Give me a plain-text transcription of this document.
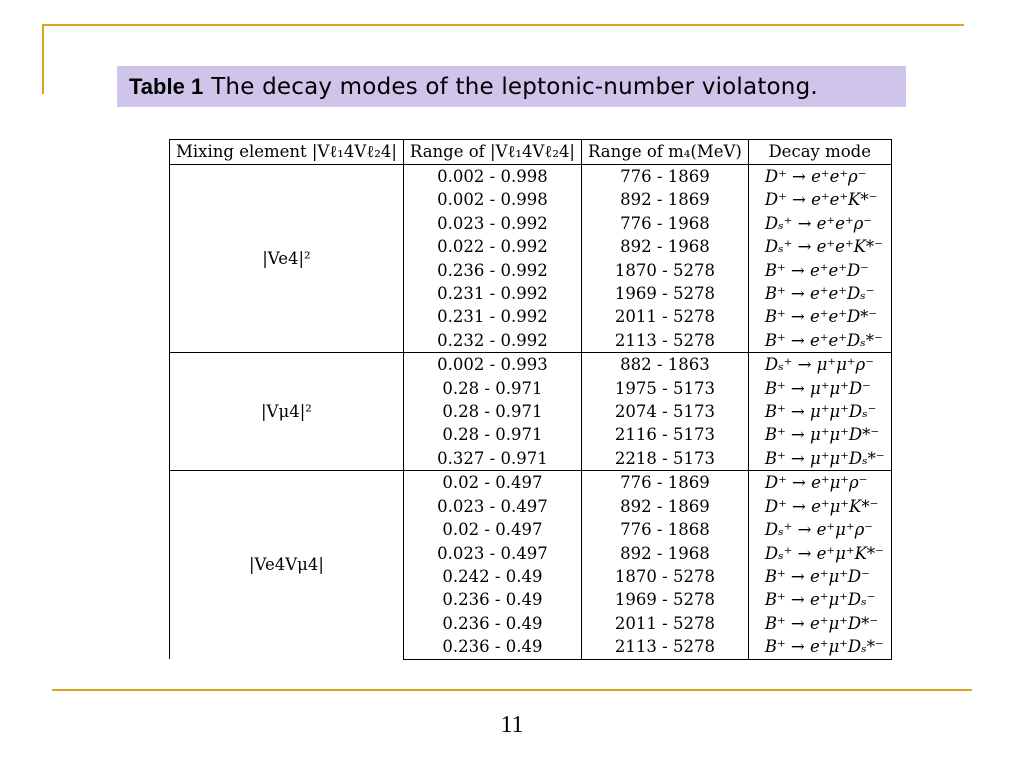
Table 1 The decay modes of the leptonic-number violatong.
Mixing element |Vℓ₁4Vℓ₂4|	Range of |Vℓ₁4Vℓ₂4|	Range of m₄(MeV)	Decay mode
|Ve4|²	0.002 - 0.998	776 - 1869	D⁺ → e⁺e⁺ρ⁻
	0.002 - 0.998	892 - 1869	D⁺ → e⁺e⁺K*⁻
	0.023 - 0.992	776 - 1968	Dₛ⁺ → e⁺e⁺ρ⁻
	0.022 - 0.992	892 - 1968	Dₛ⁺ → e⁺e⁺K*⁻
	0.236 - 0.992	1870 - 5278	B⁺ → e⁺e⁺D⁻
	0.231 - 0.992	1969 - 5278	B⁺ → e⁺e⁺Dₛ⁻
	0.231 - 0.992	2011 - 5278	B⁺ → e⁺e⁺D*⁻
	0.232 - 0.992	2113 - 5278	B⁺ → e⁺e⁺Dₛ*⁻
|Vμ4|²	0.002 - 0.993	882 - 1863	Dₛ⁺ → μ⁺μ⁺ρ⁻
	0.28 - 0.971	1975 - 5173	B⁺ → μ⁺μ⁺D⁻
	0.28 - 0.971	2074 - 5173	B⁺ → μ⁺μ⁺Dₛ⁻
	0.28 - 0.971	2116 - 5173	B⁺ → μ⁺μ⁺D*⁻
	0.327 - 0.971	2218 - 5173	B⁺ → μ⁺μ⁺Dₛ*⁻
|Ve4Vμ4|	0.02 - 0.497	776 - 1869	D⁺ → e⁺μ⁺ρ⁻
	0.023 - 0.497	892 - 1869	D⁺ → e⁺μ⁺K*⁻
	0.02 - 0.497	776 - 1868	Dₛ⁺ → e⁺μ⁺ρ⁻
	0.023 - 0.497	892 - 1968	Dₛ⁺ → e⁺μ⁺K*⁻
	0.242 - 0.49	1870 - 5278	B⁺ → e⁺μ⁺D⁻
	0.236 - 0.49	1969 - 5278	B⁺ → e⁺μ⁺Dₛ⁻
	0.236 - 0.49	2011 - 5278	B⁺ → e⁺μ⁺D*⁻
	0.236 - 0.49	2113 - 5278	B⁺ → e⁺μ⁺Dₛ*⁻
11
